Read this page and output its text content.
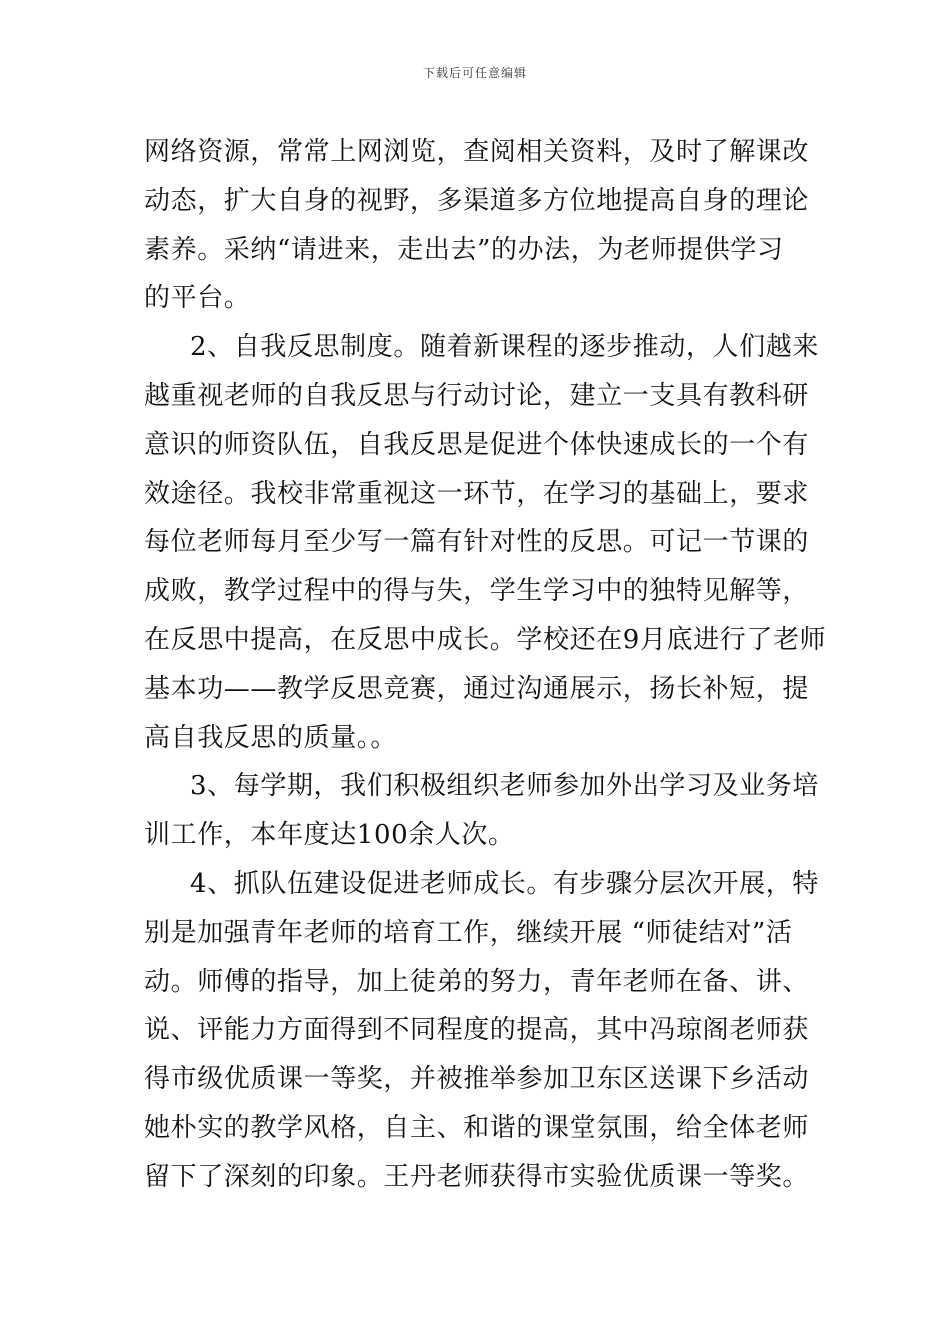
下载后可任意编辑
网络资源，常常上网浏览，查阅相关资料，及时了解课改
动态，扩大自身的视野，多渠道多方位地提高自身的理论
素养。采纳“请进来，走出去”的办法，为老师提供学习
的平台。
2、自我反思制度。随着新课程的逐步推动，人们越来
越重视老师的自我反思与行动讨论，建立一支具有教科研
意识的师资队伍，自我反思是促进个体快速成长的一个有
效途径。我校非常重视这一环节，在学习的基础上，要求
每位老师每月至少写一篇有针对性的反思。可记一节课的
成败，教学过程中的得与失，学生学习中的独特见解等，
在反思中提高，在反思中成长。学校还在9月底进行了老师
基本功——教学反思竞赛，通过沟通展示，扬长补短，提
高自我反思的质量。。
3、每学期，我们积极组织老师参加外出学习及业务培
训工作，本年度达100余人次。
4、抓队伍建设促进老师成长。有步骤分层次开展，特
别是加强青年老师的培育工作，继续开展 “师徒结对”活
动。师傅的指导，加上徒弟的努力，青年老师在备、讲、
说、评能力方面得到不同程度的提高，其中冯琼阁老师获
得市级优质课一等奖，并被推举参加卫东区送课下乡活动
她朴实的教学风格，自主、和谐的课堂氛围，给全体老师
留下了深刻的印象。王丹老师获得市实验优质课一等奖。
